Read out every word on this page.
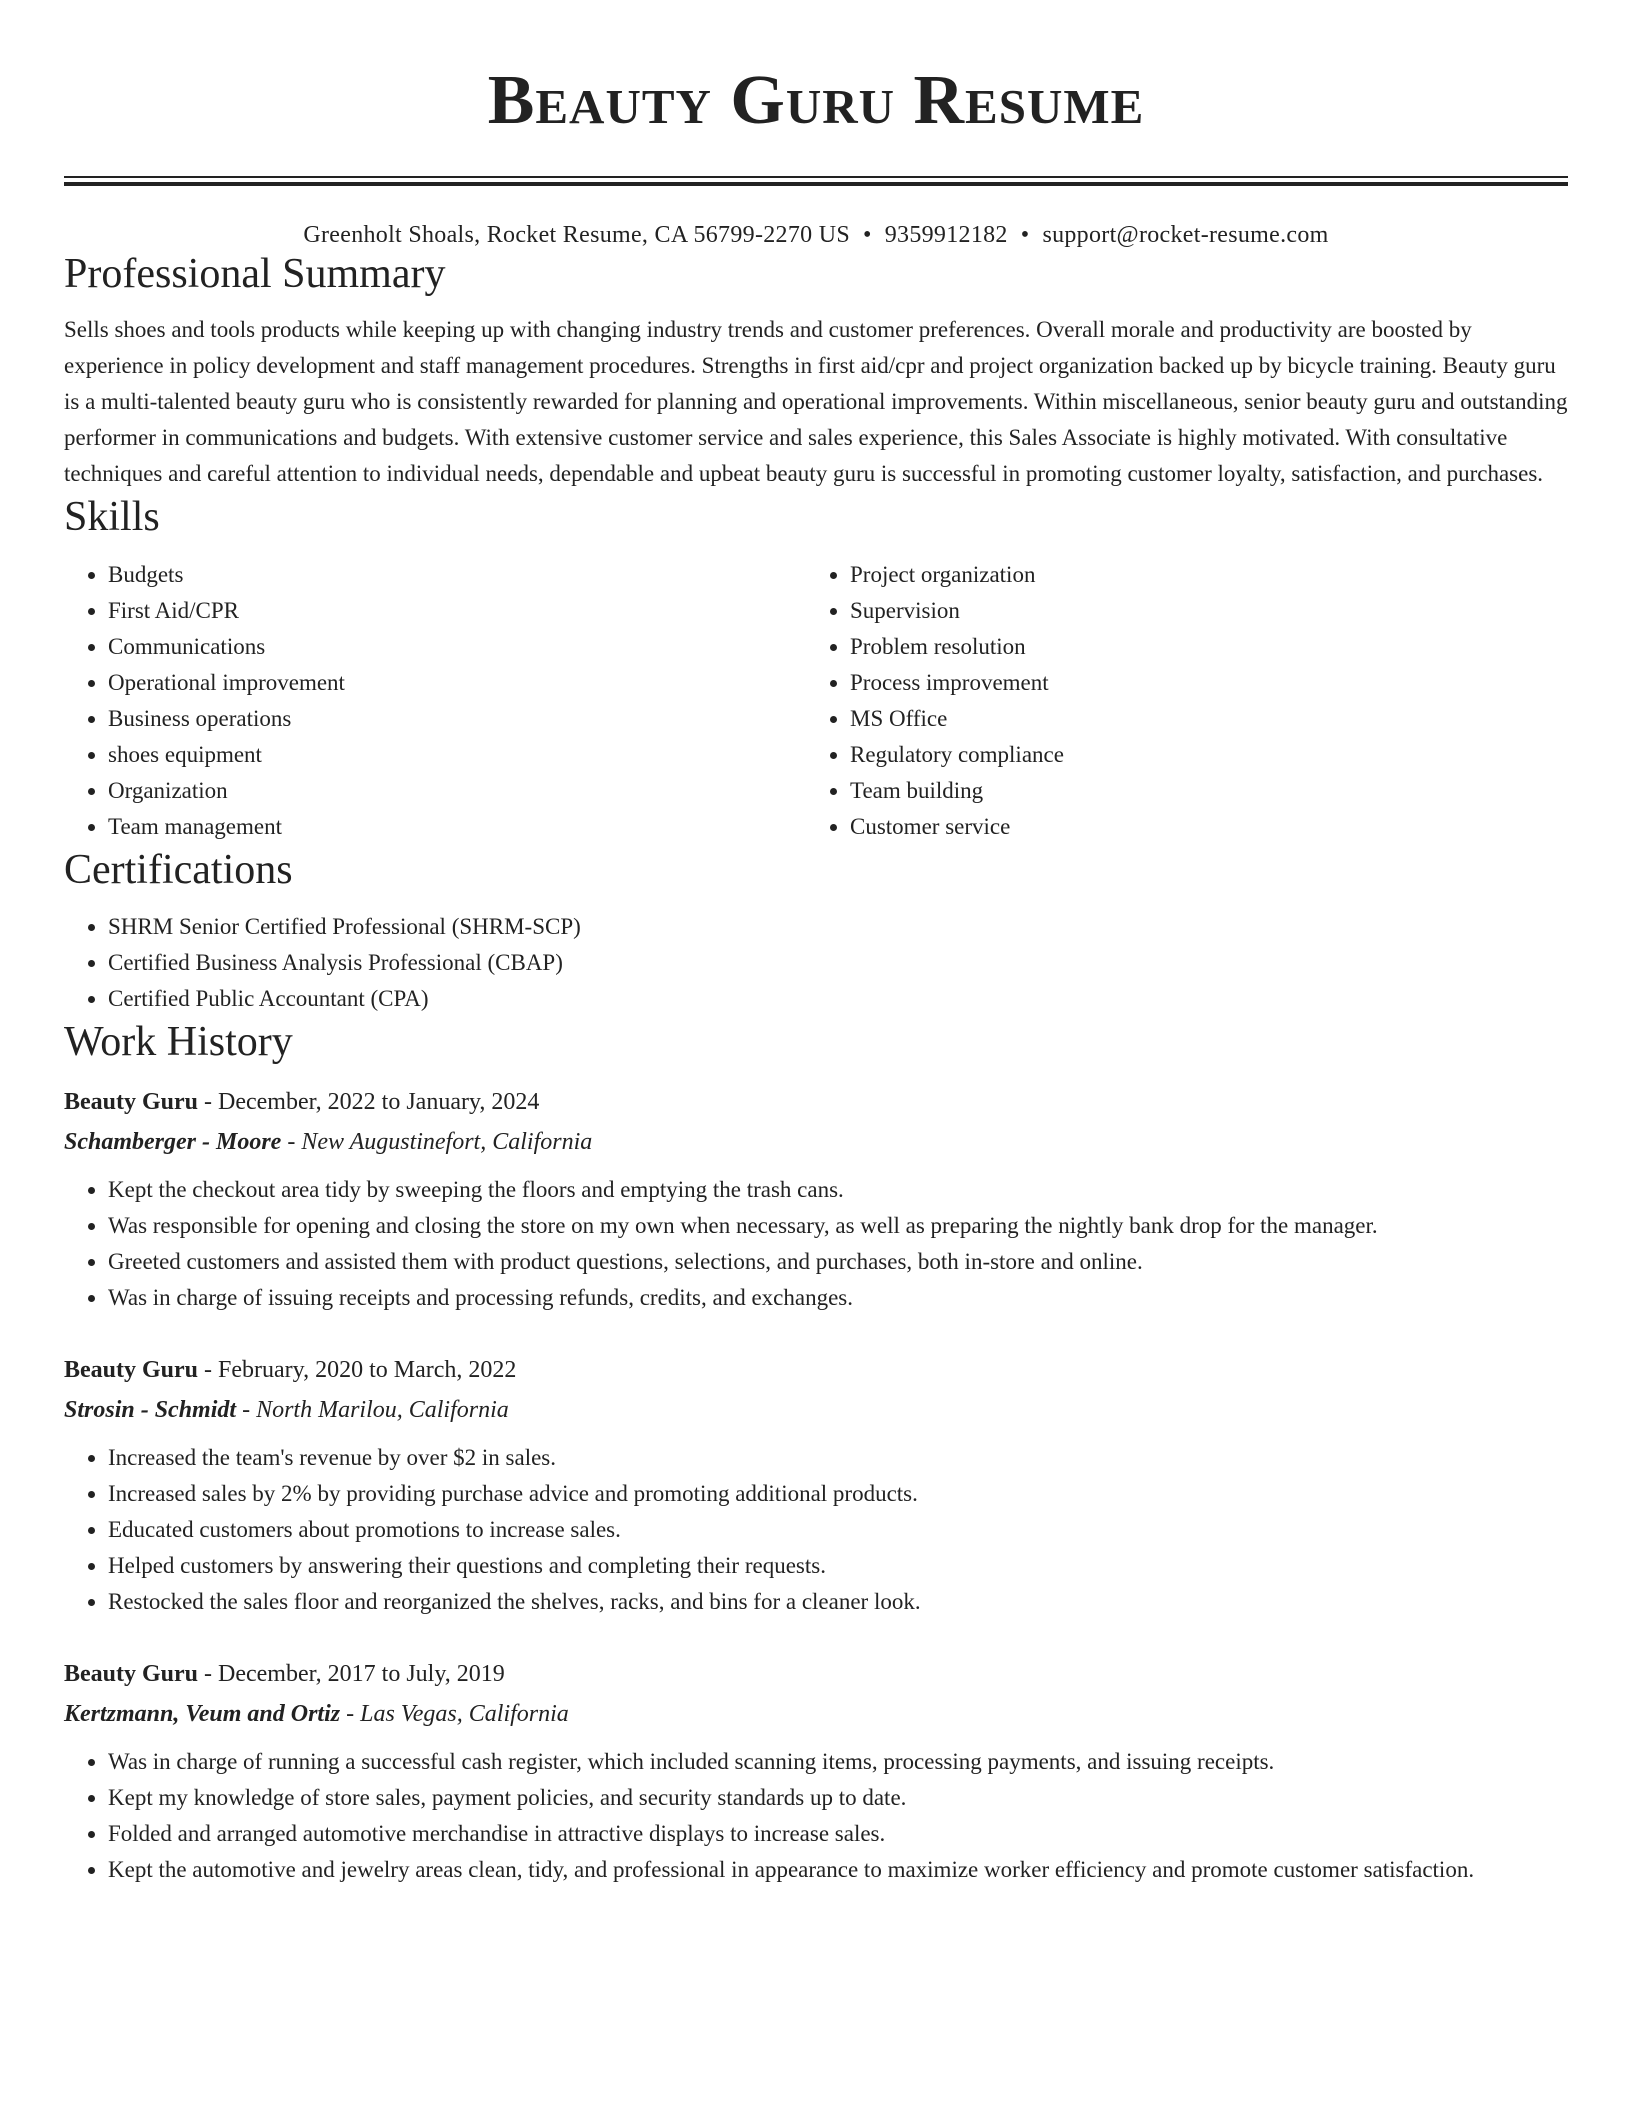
Beauty Guru Resume
Greenholt Shoals, Rocket Resume, CA 56799-2270 US • 9359912182 • support@rocket-resume.com
Professional Summary

Sells shoes and tools products while keeping up with changing industry trends and customer preferences. Overall morale and productivity are boosted by experience in policy development and staff management procedures. Strengths in first aid/cpr and project organization backed up by bicycle training. Beauty guru is a multi-talented beauty guru who is consistently rewarded for planning and operational improvements. Within miscellaneous, senior beauty guru and outstanding performer in communications and budgets. With extensive customer service and sales experience, this Sales Associate is highly motivated. With consultative techniques and careful attention to individual needs, dependable and upbeat beauty guru is successful in promoting customer loyalty, satisfaction, and purchases.

Skills
• Budgets
• First Aid/CPR
• Communications
• Operational improvement
• Business operations
• shoes equipment
• Organization
• Team management
• Project organization
• Supervision
• Problem resolution
• Process improvement
• MS Office
• Regulatory compliance
• Team building
• Customer service
Certifications
• SHRM Senior Certified Professional (SHRM-SCP)
• Certified Business Analysis Professional (CBAP)
• Certified Public Accountant (CPA)
Work History
Beauty Guru - December, 2022 to January, 2024
Schamberger - Moore - New Augustinefort, California
• Kept the checkout area tidy by sweeping the floors and emptying the trash cans.
• Was responsible for opening and closing the store on my own when necessary, as well as preparing the nightly bank drop for the manager.
• Greeted customers and assisted them with product questions, selections, and purchases, both in-store and online.
• Was in charge of issuing receipts and processing refunds, credits, and exchanges.
Beauty Guru - February, 2020 to March, 2022
Strosin - Schmidt - North Marilou, California
• Increased the team's revenue by over $2 in sales.
• Increased sales by 2% by providing purchase advice and promoting additional products.
• Educated customers about promotions to increase sales.
• Helped customers by answering their questions and completing their requests.
• Restocked the sales floor and reorganized the shelves, racks, and bins for a cleaner look.
Beauty Guru - December, 2017 to July, 2019
Kertzmann, Veum and Ortiz - Las Vegas, California
• Was in charge of running a successful cash register, which included scanning items, processing payments, and issuing receipts.
• Kept my knowledge of store sales, payment policies, and security standards up to date.
• Folded and arranged automotive merchandise in attractive displays to increase sales.
• Kept the automotive and jewelry areas clean, tidy, and professional in appearance to maximize worker efficiency and promote customer satisfaction.
